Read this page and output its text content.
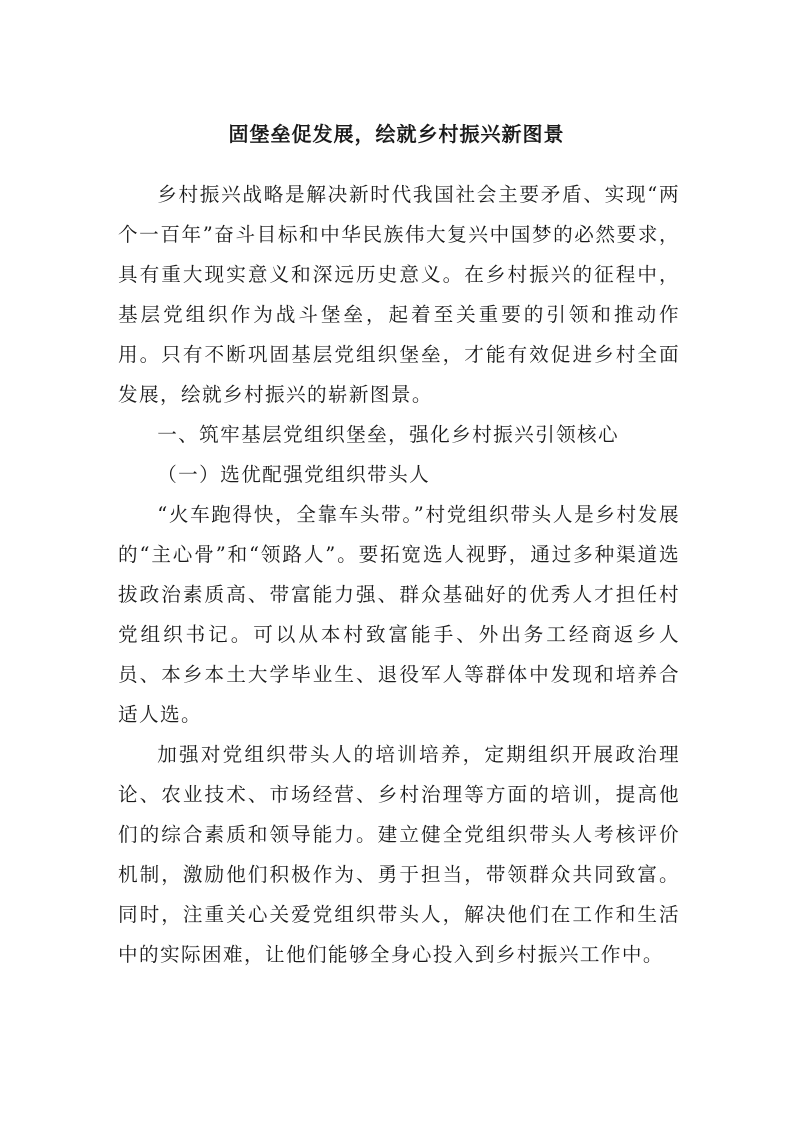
固堡垒促发展，绘就乡村振兴新图景

乡村振兴战略是解决新时代我国社会主要矛盾、实现“两个一百年”奋斗目标和中华民族伟大复兴中国梦的必然要求，具有重大现实意义和深远历史意义。在乡村振兴的征程中，基层党组织作为战斗堡垒，起着至关重要的引领和推动作用。只有不断巩固基层党组织堡垒，才能有效促进乡村全面发展，绘就乡村振兴的崭新图景。

一、筑牢基层党组织堡垒，强化乡村振兴引领核心

（一）选优配强党组织带头人

“火车跑得快，全靠车头带。”村党组织带头人是乡村发展的“主心骨”和“领路人”。要拓宽选人视野，通过多种渠道选拔政治素质高、带富能力强、群众基础好的优秀人才担任村党组织书记。可以从本村致富能手、外出务工经商返乡人员、本乡本土大学毕业生、退役军人等群体中发现和培养合适人选。

加强对党组织带头人的培训培养，定期组织开展政治理论、农业技术、市场经营、乡村治理等方面的培训，提高他们的综合素质和领导能力。建立健全党组织带头人考核评价机制，激励他们积极作为、勇于担当，带领群众共同致富。同时，注重关心关爱党组织带头人，解决他们在工作和生活中的实际困难，让他们能够全身心投入到乡村振兴工作中。
